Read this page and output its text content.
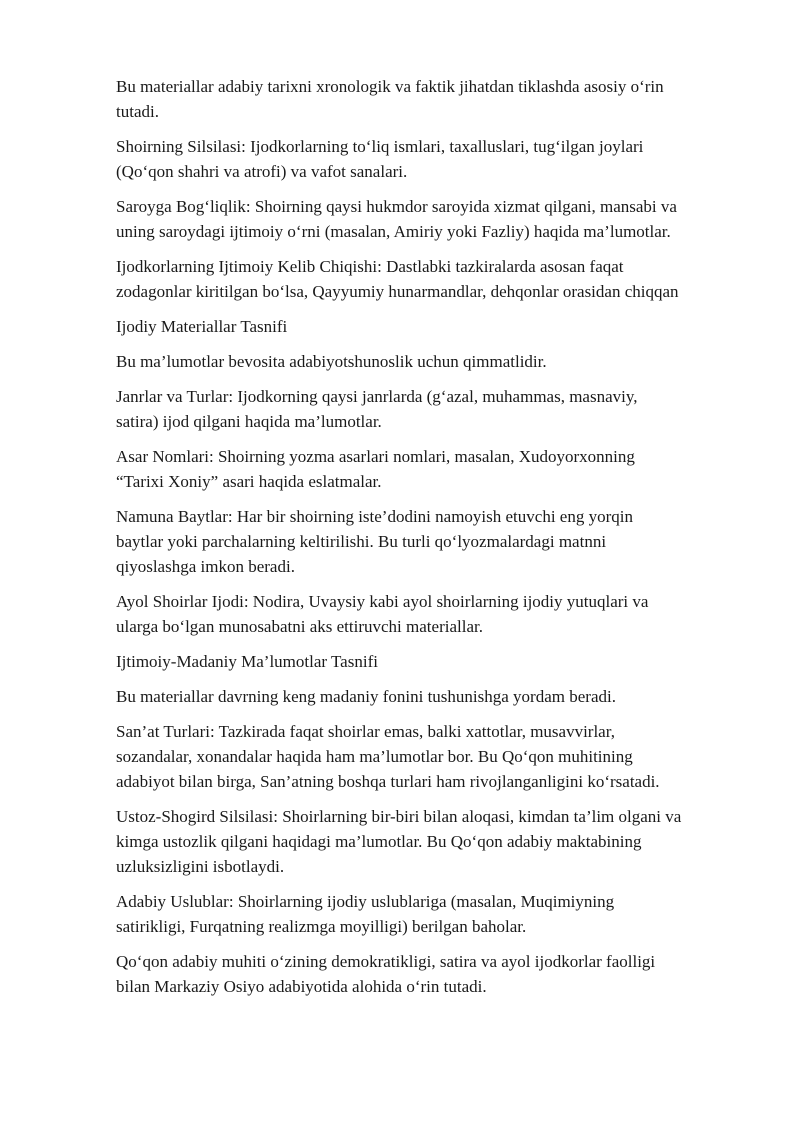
Bu materiallar adabiy tarixni xronologik va faktik jihatdan tiklashda asosiy o‘rin
tutadi.

Shoirning Silsilasi: Ijodkorlarning to‘liq ismlari, taxalluslari, tug‘ilgan joylari
(Qo‘qon shahri va atrofi) va vafot sanalari.

Saroyga Bog‘liqlik: Shoirning qaysi hukmdor saroyida xizmat qilgani, mansabi va
uning saroydagi ijtimoiy o‘rni (masalan, Amiriy yoki Fazliy) haqida ma’lumotlar.

Ijodkorlarning Ijtimoiy Kelib Chiqishi: Dastlabki tazkiralarda asosan faqat
zodagonlar kiritilgan bo‘lsa, Qayyumiy hunarmandlar, dehqonlar orasidan chiqqan

Ijodiy Materiallar Tasnifi

Bu ma’lumotlar bevosita adabiyotshunoslik uchun qimmatlidir.

Janrlar va Turlar: Ijodkorning qaysi janrlarda (g‘azal, muhammas, masnaviy,
satira) ijod qilgani haqida ma’lumotlar.

Asar Nomlari: Shoirning yozma asarlari nomlari, masalan, Xudoyorxonning
“Tarixi Xoniy” asari haqida eslatmalar.

Namuna Baytlar: Har bir shoirning iste’dodini namoyish etuvchi eng yorqin
baytlar yoki parchalarning keltirilishi. Bu turli qo‘lyozmalardagi matnni
qiyoslashga imkon beradi.

Ayol Shoirlar Ijodi: Nodira, Uvaysiy kabi ayol shoirlarning ijodiy yutuqlari va
ularga bo‘lgan munosabatni aks ettiruvchi materiallar.

Ijtimoiy-Madaniy Ma’lumotlar Tasnifi

Bu materiallar davrning keng madaniy fonini tushunishga yordam beradi.

San’at Turlari: Tazkirada faqat shoirlar emas, balki xattotlar, musavvirlar,
sozandalar, xonandalar haqida ham ma’lumotlar bor. Bu Qo‘qon muhitining
adabiyot bilan birga, San’atning boshqa turlari ham rivojlanganligini ko‘rsatadi.

Ustoz-Shogird Silsilasi: Shoirlarning bir-biri bilan aloqasi, kimdan ta’lim olgani va
kimga ustozlik qilgani haqidagi ma’lumotlar. Bu Qo‘qon adabiy maktabining
uzluksizligini isbotlaydi.

Adabiy Uslublar: Shoirlarning ijodiy uslublariga (masalan, Muqimiyning
satirikligi, Furqatning realizmga moyilligi) berilgan baholar.

Qo‘qon adabiy muhiti o‘zining demokratikligi, satira va ayol ijodkorlar faolligi
bilan Markaziy Osiyo adabiyotida alohida o‘rin tutadi.
